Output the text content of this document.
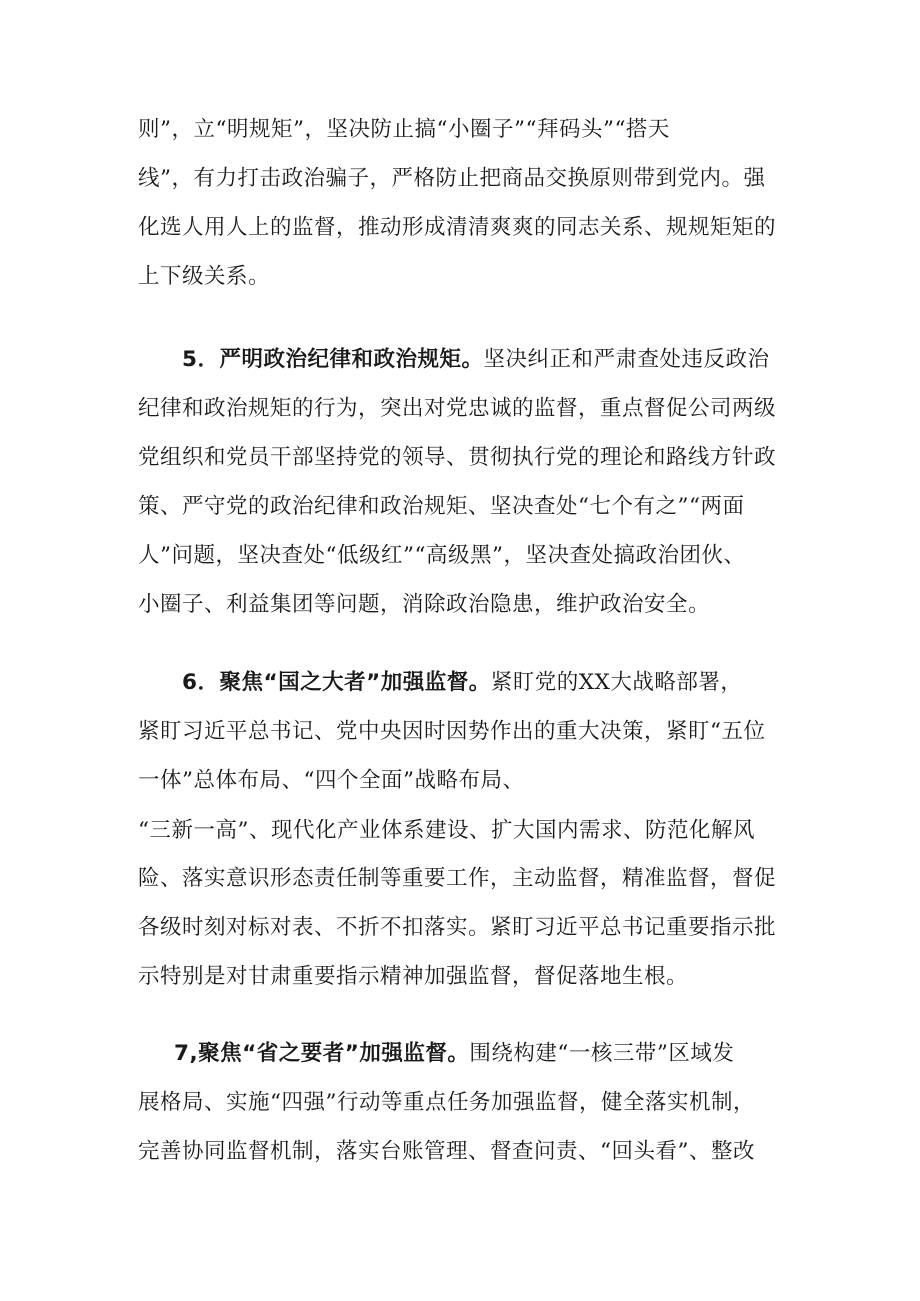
则”，立“明规矩”，坚决防止搞“小圈子”“拜码头”“搭天
线”，有力打击政治骗子，严格防止把商品交换原则带到党内。强
化选人用人上的监督，推动形成清清爽爽的同志关系、规规矩矩的
上下级关系。
5．严明政治纪律和政治规矩。坚决纠正和严肃查处违反政治
纪律和政治规矩的行为，突出对党忠诚的监督，重点督促公司两级
党组织和党员干部坚持党的领导、贯彻执行党的理论和路线方针政
策、严守党的政治纪律和政治规矩、坚决查处“七个有之”“两面
人”问题，坚决查处“低级红”“高级黑”，坚决查处搞政治团伙、
小圈子、利益集团等问题，消除政治隐患，维护政治安全。
6．聚焦“国之大者”加强监督。紧盯党的XX大战略部署，
紧盯习近平总书记、党中央因时因势作出的重大决策，紧盯“五位
一体”总体布局、“四个全面”战略布局、
“三新一高”、现代化产业体系建设、扩大国内需求、防范化解风
险、落实意识形态责任制等重要工作，主动监督，精准监督，督促
各级时刻对标对表、不折不扣落实。紧盯习近平总书记重要指示批
示特别是对甘肃重要指示精神加强监督，督促落地生根。
7,聚焦“省之要者”加强监督。围绕构建“一核三带”区域发
展格局、实施“四强”行动等重点任务加强监督，健全落实机制，
完善协同监督机制，落实台账管理、督查问责、“回头看”、整改
